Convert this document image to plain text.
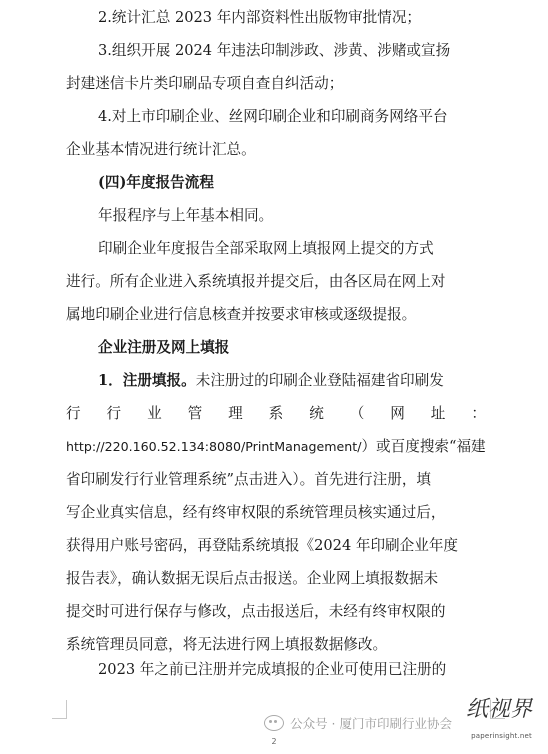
2.统计汇总 2023 年内部资料性出版物审批情况；
3.组织开展 2024 年违法印制涉政、涉黄、涉赌或宣扬
封建迷信卡片类印刷品专项自查自纠活动；
4.对上市印刷企业、丝网印刷企业和印刷商务网络平台
企业基本情况进行统计汇总。
(四)年度报告流程
年报程序与上年基本相同。
印刷企业年度报告全部采取网上填报网上提交的方式
进行。所有企业进入系统填报并提交后，由各区局在网上对
属地印刷企业进行信息核查并按要求审核或逐级提报。
企业注册及网上填报
1．注册填报。未注册过的印刷企业登陆福建省印刷发
行 行 业 管 理 系 统 （ 网 址 ：
http://220.160.52.134:8080/PrintManagement/）或百度搜索“福建
省印刷发行行业管理系统”点击进入）。首先进行注册，填
写企业真实信息，经有终审权限的系统管理员核实通过后，
获得用户账号密码，再登陆系统填报《2024 年印刷企业年度
报告表》，确认数据无误后点击报送。企业网上填报数据未
提交时可进行保存与修改，点击报送后，未经有终审权限的
系统管理员同意，将无法进行网上填报数据修改。
2023 年之前已注册并完成填报的企业可使用已注册的
公众号 · 厦门市印刷行业协会
纸视界
paperinsight.net
2
